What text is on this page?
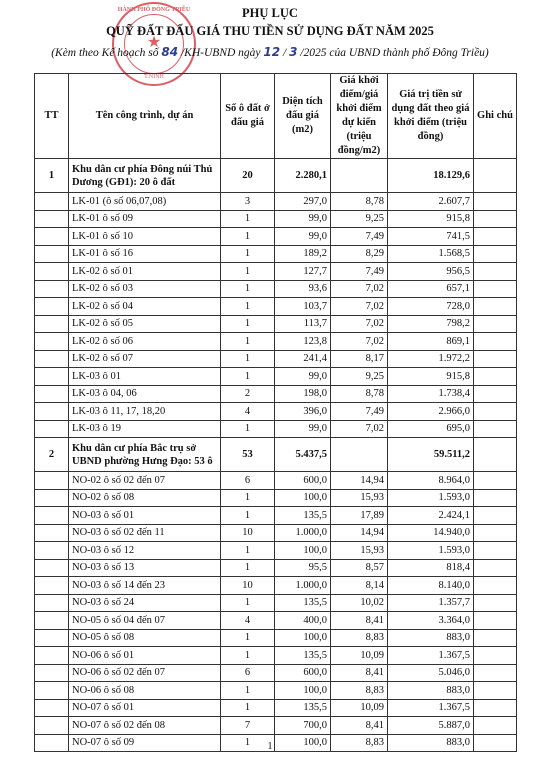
HÀNH PHỐ ĐÔNG TRIỀU
★
T.NINH
PHỤ LỤC
QUỸ ĐẤT ĐẤU GIÁ THU TIỀN SỬ DỤNG ĐẤT NĂM 2025
(Kèm theo Kế hoạch số 84 /KH-UBND ngày 12 / 3 /2025 của UBND thành phố Đông Triều)
TT	Tên công trình, dự án	Số ô đất ở đấu giá	Diện tích đấu giá (m2)	Giá khởi điểm/giá khởi điểm dự kiến (triệu đồng/m2)	Giá trị tiền sử dụng đất theo giá khởi điểm (triệu đồng)	Ghi chú
1	Khu dân cư phía Đông núi Thủ Dương (GĐ1): 20 ô đất	20	2.280,1		18.129,6	
	LK-01 (ô số 06,07,08)	3	297,0	8,78	2.607,7	
	LK-01 ô số 09	1	99,0	9,25	915,8	
	LK-01 ô số 10	1	99,0	7,49	741,5	
	LK-01 ô số 16	1	189,2	8,29	1.568,5	
	LK-02 ô số 01	1	127,7	7,49	956,5	
	LK-02 ô số 03	1	93,6	7,02	657,1	
	LK-02 ô số 04	1	103,7	7,02	728,0	
	LK-02 ô số 05	1	113,7	7,02	798,2	
	LK-02 ô số 06	1	123,8	7,02	869,1	
	LK-02 ô số 07	1	241,4	8,17	1.972,2	
	LK-03 ô 01	1	99,0	9,25	915,8	
	LK-03 ô 04, 06	2	198,0	8,78	1.738,4	
	LK-03 ô 11, 17, 18,20	4	396,0	7,49	2.966,0	
	LK-03 ô 19	1	99,0	7,02	695,0	
2	Khu dân cư phía Bắc trụ sở UBND phường Hưng Đạo: 53 ô	53	5.437,5		59.511,2	
	NO-02 ô số 02 đến 07	6	600,0	14,94	8.964,0	
	NO-02 ô số 08	1	100,0	15,93	1.593,0	
	NO-03 ô số 01	1	135,5	17,89	2.424,1	
	NO-03 ô số 02 đến 11	10	1.000,0	14,94	14.940,0	
	NO-03 ô số 12	1	100,0	15,93	1.593,0	
	NO-03 ô số 13	1	95,5	8,57	818,4	
	NO-03 ô số 14 đến 23	10	1.000,0	8,14	8.140,0	
	NO-03 ô số 24	1	135,5	10,02	1.357,7	
	NO-05 ô số 04 đến 07	4	400,0	8,41	3.364,0	
	NO-05 ô số 08	1	100,0	8,83	883,0	
	NO-06 ô số 01	1	135,5	10,09	1.367,5	
	NO-06 ô số 02 đến 07	6	600,0	8,41	5.046,0	
	NO-06 ô số 08	1	100,0	8,83	883,0	
	NO-07 ô số 01	1	135,5	10,09	1.367,5	
	NO-07 ô số 02 đến 08	7	700,0	8,41	5.887,0	
	NO-07 ô số 09	1	100,0	8,83	883,0	
1
